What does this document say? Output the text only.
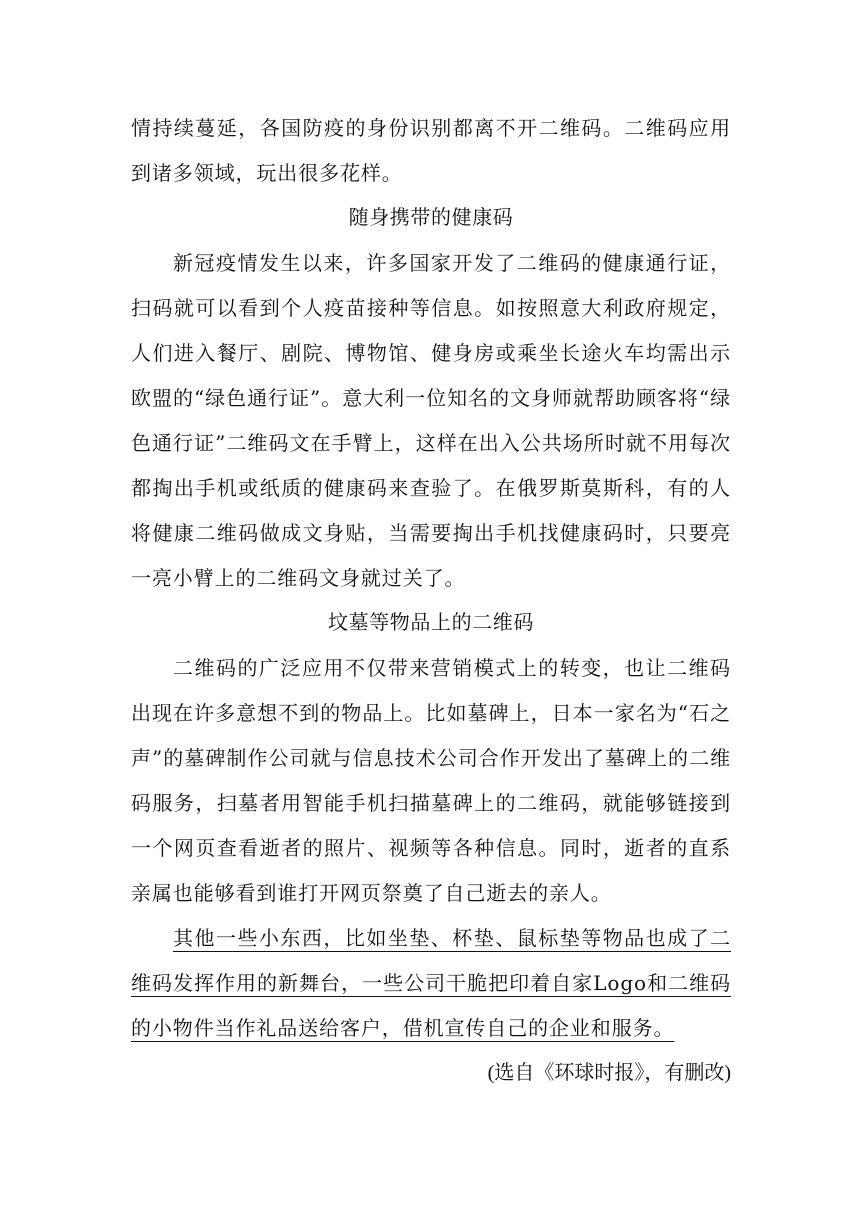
情持续蔓延，各国防疫的身份识别都离不开二维码。二维码应用到诸多领域，玩出很多花样。

随身携带的健康码

新冠疫情发生以来，许多国家开发了二维码的健康通行证，扫码就可以看到个人疫苗接种等信息。如按照意大利政府规定，人们进入餐厅、剧院、博物馆、健身房或乘坐长途火车均需出示欧盟的“绿色通行证”。意大利一位知名的文身师就帮助顾客将“绿色通行证”二维码文在手臂上，这样在出入公共场所时就不用每次都掏出手机或纸质的健康码来查验了。在俄罗斯莫斯科，有的人将健康二维码做成文身贴，当需要掏出手机找健康码时，只要亮一亮小臂上的二维码文身就过关了。

坟墓等物品上的二维码

二维码的广泛应用不仅带来营销模式上的转变，也让二维码出现在许多意想不到的物品上。比如墓碑上，日本一家名为“石之声”的墓碑制作公司就与信息技术公司合作开发出了墓碑上的二维码服务，扫墓者用智能手机扫描墓碑上的二维码，就能够链接到一个网页查看逝者的照片、视频等各种信息。同时，逝者的直系亲属也能够看到谁打开网页祭奠了自己逝去的亲人。

其他一些小东西，比如坐垫、杯垫、鼠标垫等物品也成了二维码发挥作用的新舞台，一些公司干脆把印着自家Logo和二维码的小物件当作礼品送给客户，借机宣传自己的企业和服务。

(选自《环球时报》，有删改)
